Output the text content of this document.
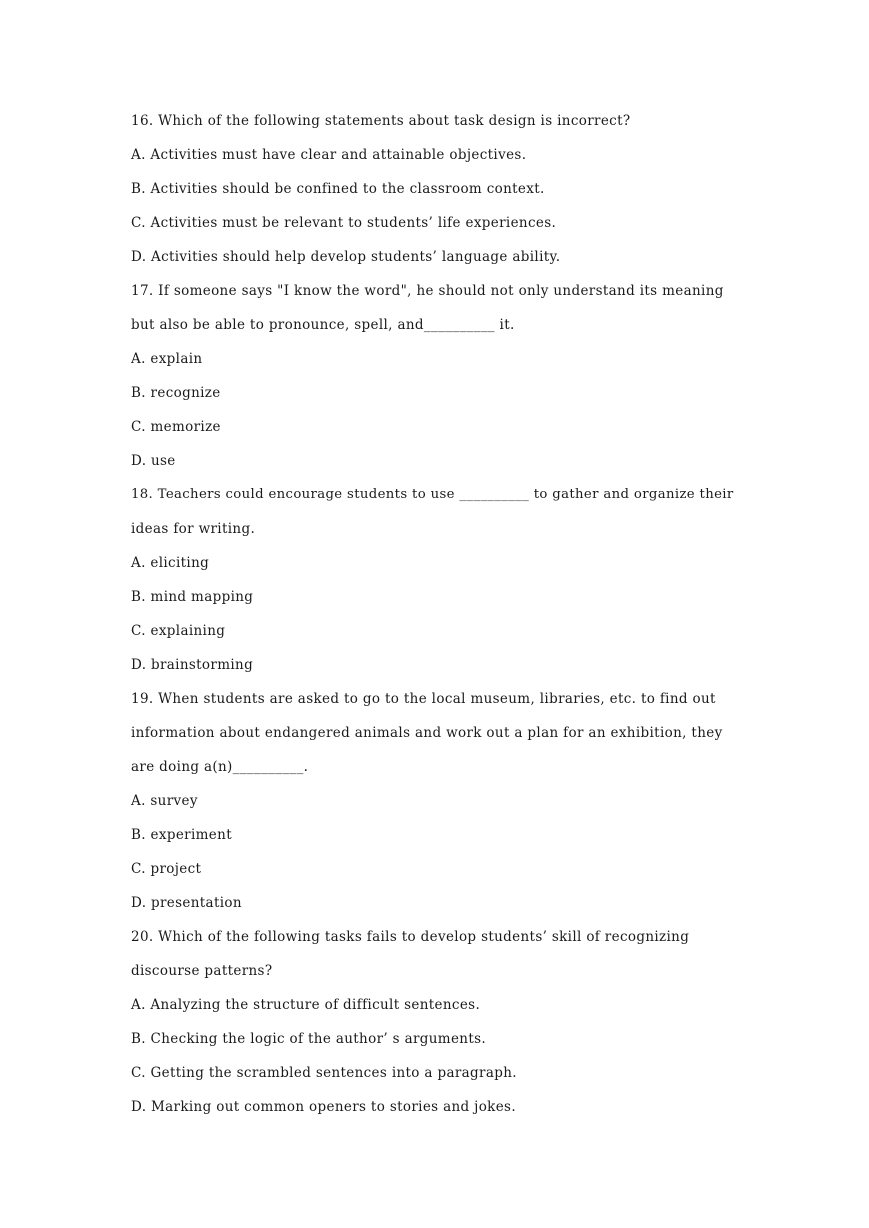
16. Which of the following statements about task design is incorrect?
A. Activities must have clear and attainable objectives.
B. Activities should be confined to the classroom context.
C. Activities must be relevant to students’ life experiences.
D. Activities should help develop students’ language ability.
17. If someone says "I know the word", he should not only understand its meaning
but also be able to pronounce, spell, and__________ it.
A. explain
B. recognize
C. memorize
D. use
18. Teachers could encourage students to use __________ to gather and organize their
ideas for writing.
A. eliciting
B. mind mapping
C. explaining
D. brainstorming
19. When students are asked to go to the local museum, libraries, etc. to find out
information about endangered animals and work out a plan for an exhibition, they
are doing a(n)__________.
A. survey
B. experiment
C. project
D. presentation
20. Which of the following tasks fails to develop students’ skill of recognizing
discourse patterns?
A. Analyzing the structure of difficult sentences.
B. Checking the logic of the author’ s arguments.
C. Getting the scrambled sentences into a paragraph.
D. Marking out common openers to stories and jokes.
